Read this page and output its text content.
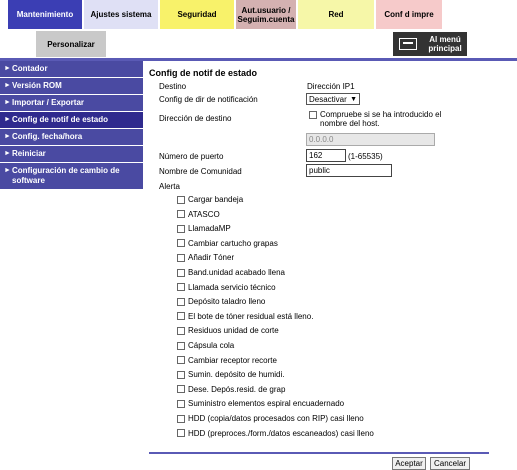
Mantenimiento	Ajustes sistema	Seguridad	Aut.usuario / Seguim.cuenta	Red	Conf d impre
Personalizar	Al menú principal
► Contador
► Versión ROM
► Importar / Exportar
► Config de notif de estado
► Config. fecha/hora
► Reiniciar
► Configuración de cambio de software
Config de notif de estado
Destino	Dirección IP1
Config de dir de notificación	Desactivar ▼
Dirección de destino	Compruebe si se ha introducido el nombre del host.
0.0.0.0
Número de puerto	162	(1-65535)
Nombre de Comunidad	public
Alerta
Cargar bandeja
ATASCO
LlamadaMP
Cambiar cartucho grapas
Añadir Tóner
Band.unidad acabado llena
Llamada servicio técnico
Depósito taladro lleno
El bote de tóner residual está lleno.
Residuos unidad de corte
Cápsula cola
Cambiar receptor recorte
Sumin. depósito de humidi.
Dese. Depós.resid. de grap
Suministro elementos espiral encuadernado
HDD (copia/datos procesados con RIP) casi lleno
HDD (preproces./form./datos escaneados) casi lleno
Aceptar	Cancelar
